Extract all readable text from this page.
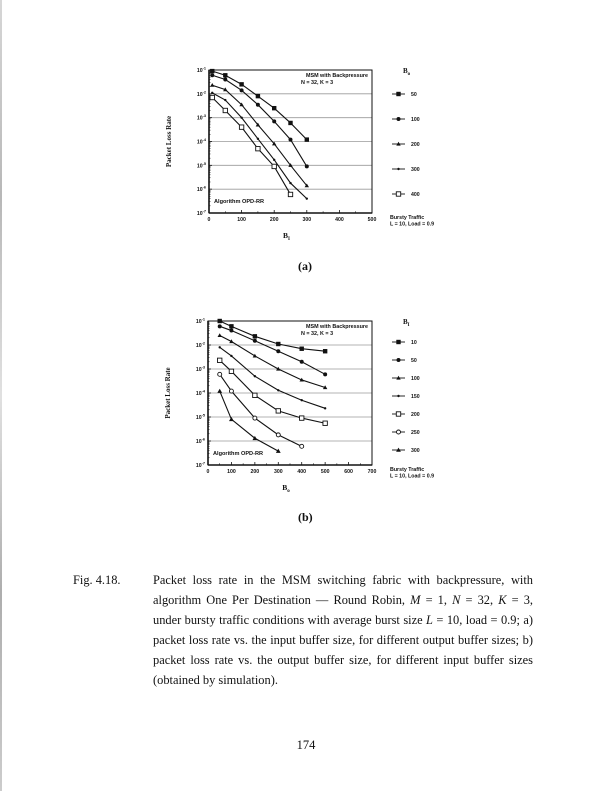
$10^{-1}$
$10^{-2}$
$10^{-3}$
$10^{-4}$
$10^{-5}$
$10^{-6}$
$10^{-7}$
0	100	200	300	400	500
MSM with Backpressure
N = 32, K = 3
Algorithm OPD-RR
Packet Loss Rate
$B_I$
$B_o$
50
100
200
300
400
Bursty Traffic
L = 10, Load = 0.9
(a)
$10^{-1}$
$10^{-2}$
$10^{-3}$
$10^{-4}$
$10^{-5}$
$10^{-6}$
$10^{-7}$
0	100	200	300	400	500	600	700
MSM with Backpressure
N = 32, K = 3
Algorithm OPD-RR
Packet Loss Rate
$B_o$
$B_I$
10
50
100
150
200
250
300
Bursty Traffic
L = 10, Load = 0.9
(b)
Fig. 4.18.	Packet loss rate in the MSM switching fabric with backpressure, with algorithm One Per Destination — Round Robin, M = 1, N = 32, K = 3, under bursty traffic conditions with average burst size L = 10, load = 0.9; a) packet loss rate vs. the input buffer size, for different output buffer sizes; b) packet loss rate vs. the output buffer size, for different input buffer sizes (obtained by simulation).
174
